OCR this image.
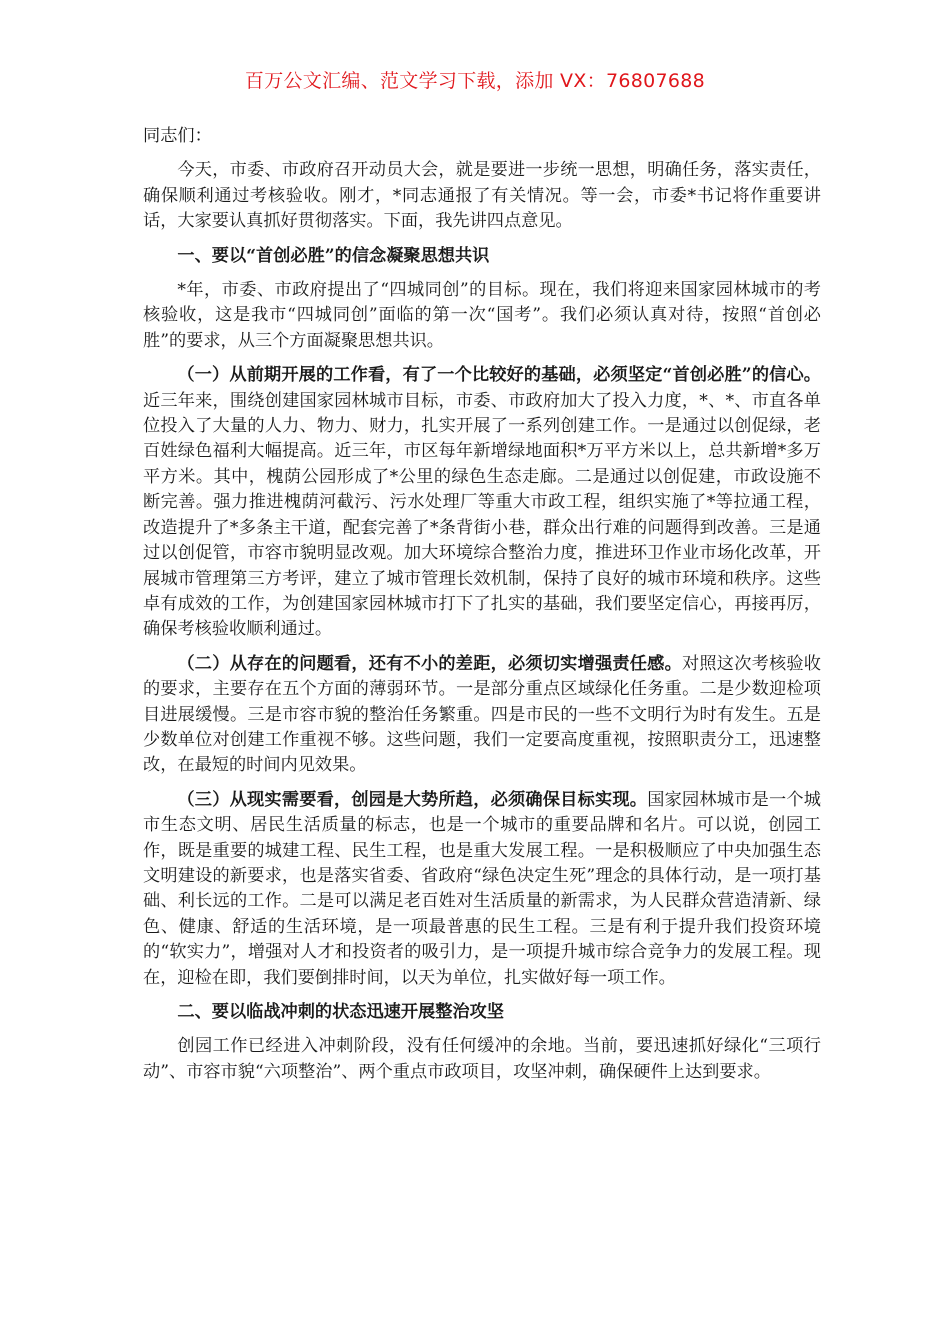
百万公文汇编、范文学习下载，添加 VX：76807688

同志们：

今天，市委、市政府召开动员大会，就是要进一步统一思想，明确任务，落实责任，确保顺利通过考核验收。刚才，*同志通报了有关情况。等一会，市委*书记将作重要讲话，大家要认真抓好贯彻落实。下面，我先讲四点意见。

一、要以“首创必胜”的信念凝聚思想共识

*年，市委、市政府提出了“四城同创”的目标。现在，我们将迎来国家园林城市的考核验收，这是我市“四城同创”面临的第一次“国考”。我们必须认真对待，按照“首创必胜”的要求，从三个方面凝聚思想共识。

（一）从前期开展的工作看，有了一个比较好的基础，必须坚定“首创必胜”的信心。近三年来，围绕创建国家园林城市目标，市委、市政府加大了投入力度，*、*、市直各单位投入了大量的人力、物力、财力，扎实开展了一系列创建工作。一是通过以创促绿，老百姓绿色福利大幅提高。近三年，市区每年新增绿地面积*万平方米以上，总共新增*多万平方米。其中，槐荫公园形成了*公里的绿色生态走廊。二是通过以创促建，市政设施不断完善。强力推进槐荫河截污、污水处理厂等重大市政工程，组织实施了*等拉通工程，改造提升了*多条主干道，配套完善了*条背街小巷，群众出行难的问题得到改善。三是通过以创促管，市容市貌明显改观。加大环境综合整治力度，推进环卫作业市场化改革，开展城市管理第三方考评，建立了城市管理长效机制，保持了良好的城市环境和秩序。这些卓有成效的工作，为创建国家园林城市打下了扎实的基础，我们要坚定信心，再接再厉，确保考核验收顺利通过。

（二）从存在的问题看，还有不小的差距，必须切实增强责任感。对照这次考核验收的要求，主要存在五个方面的薄弱环节。一是部分重点区域绿化任务重。二是少数迎检项目进展缓慢。三是市容市貌的整治任务繁重。四是市民的一些不文明行为时有发生。五是少数单位对创建工作重视不够。这些问题，我们一定要高度重视，按照职责分工，迅速整改，在最短的时间内见效果。

（三）从现实需要看，创园是大势所趋，必须确保目标实现。国家园林城市是一个城市生态文明、居民生活质量的标志，也是一个城市的重要品牌和名片。可以说，创园工作，既是重要的城建工程、民生工程，也是重大发展工程。一是积极顺应了中央加强生态文明建设的新要求，也是落实省委、省政府“绿色决定生死”理念的具体行动，是一项打基础、利长远的工作。二是可以满足老百姓对生活质量的新需求，为人民群众营造清新、绿色、健康、舒适的生活环境，是一项最普惠的民生工程。三是有利于提升我们投资环境的“软实力”，增强对人才和投资者的吸引力，是一项提升城市综合竞争力的发展工程。现在，迎检在即，我们要倒排时间，以天为单位，扎实做好每一项工作。

二、要以临战冲刺的状态迅速开展整治攻坚

创园工作已经进入冲刺阶段，没有任何缓冲的余地。当前，要迅速抓好绿化“三项行动”、市容市貌“六项整治”、两个重点市政项目，攻坚冲刺，确保硬件上达到要求。
